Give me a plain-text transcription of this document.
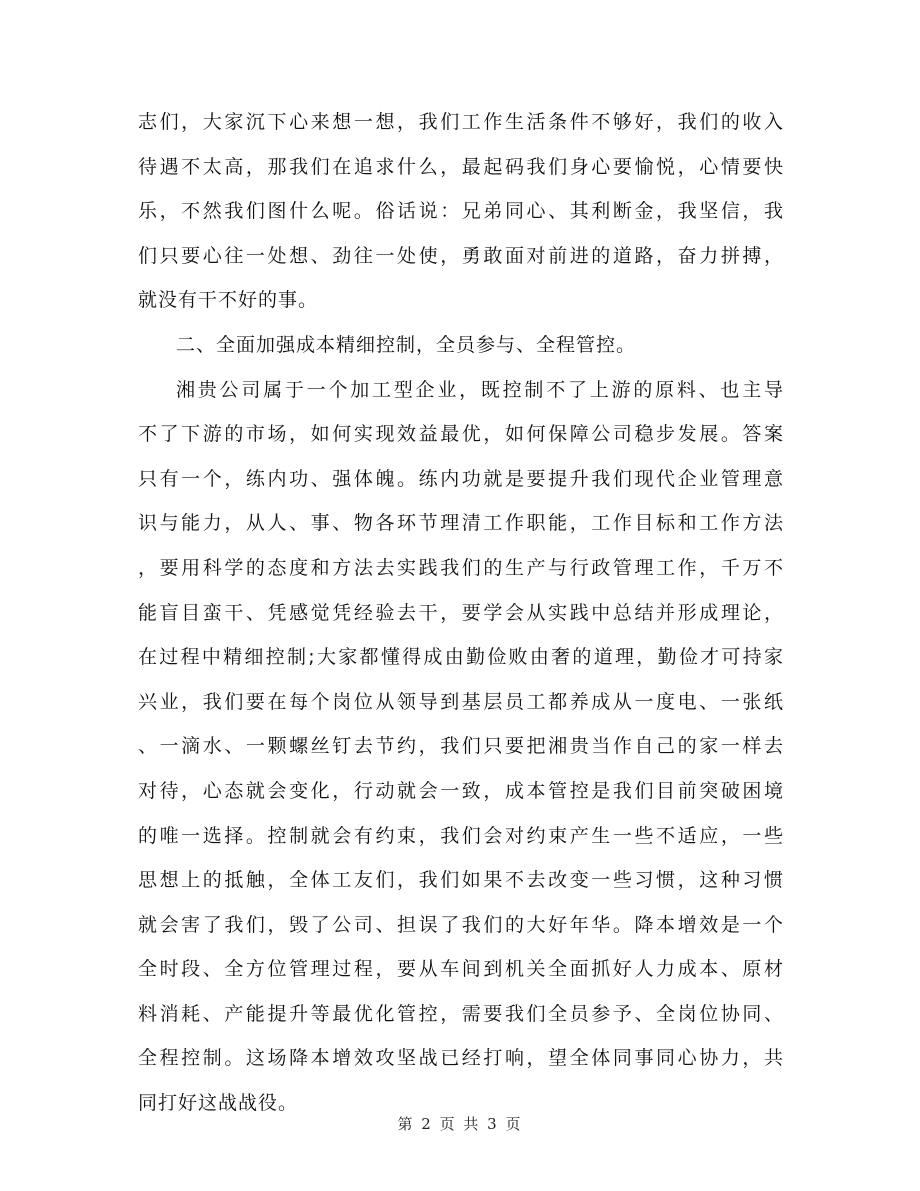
志们，大家沉下心来想一想，我们工作生活条件不够好，我们的收入
待遇不太高，那我们在追求什么，最起码我们身心要愉悦，心情要快
乐，不然我们图什么呢。俗话说：兄弟同心、其利断金，我坚信，我
们只要心往一处想、劲往一处使，勇敢面对前进的道路，奋力拼搏，
就没有干不好的事。
二、全面加强成本精细控制，全员参与、全程管控。
湘贵公司属于一个加工型企业，既控制不了上游的原料、也主导
不了下游的市场，如何实现效益最优，如何保障公司稳步发展。答案
只有一个，练内功、强体魄。练内功就是要提升我们现代企业管理意
识与能力，从人、事、物各环节理清工作职能，工作目标和工作方法
，要用科学的态度和方法去实践我们的生产与行政管理工作，千万不
能盲目蛮干、凭感觉凭经验去干，要学会从实践中总结并形成理论，
在过程中精细控制;大家都懂得成由勤俭败由奢的道理，勤俭才可持家
兴业，我们要在每个岗位从领导到基层员工都养成从一度电、一张纸
、一滴水、一颗螺丝钉去节约，我们只要把湘贵当作自己的家一样去
对待，心态就会变化，行动就会一致，成本管控是我们目前突破困境
的唯一选择。控制就会有约束，我们会对约束产生一些不适应，一些
思想上的抵触，全体工友们，我们如果不去改变一些习惯，这种习惯
就会害了我们，毁了公司、担误了我们的大好年华。降本增效是一个
全时段、全方位管理过程，要从车间到机关全面抓好人力成本、原材
料消耗、产能提升等最优化管控，需要我们全员参予、全岗位协同、
全程控制。这场降本增效攻坚战已经打响，望全体同事同心协力，共
同打好这战战役。
第 2 页 共 3 页
